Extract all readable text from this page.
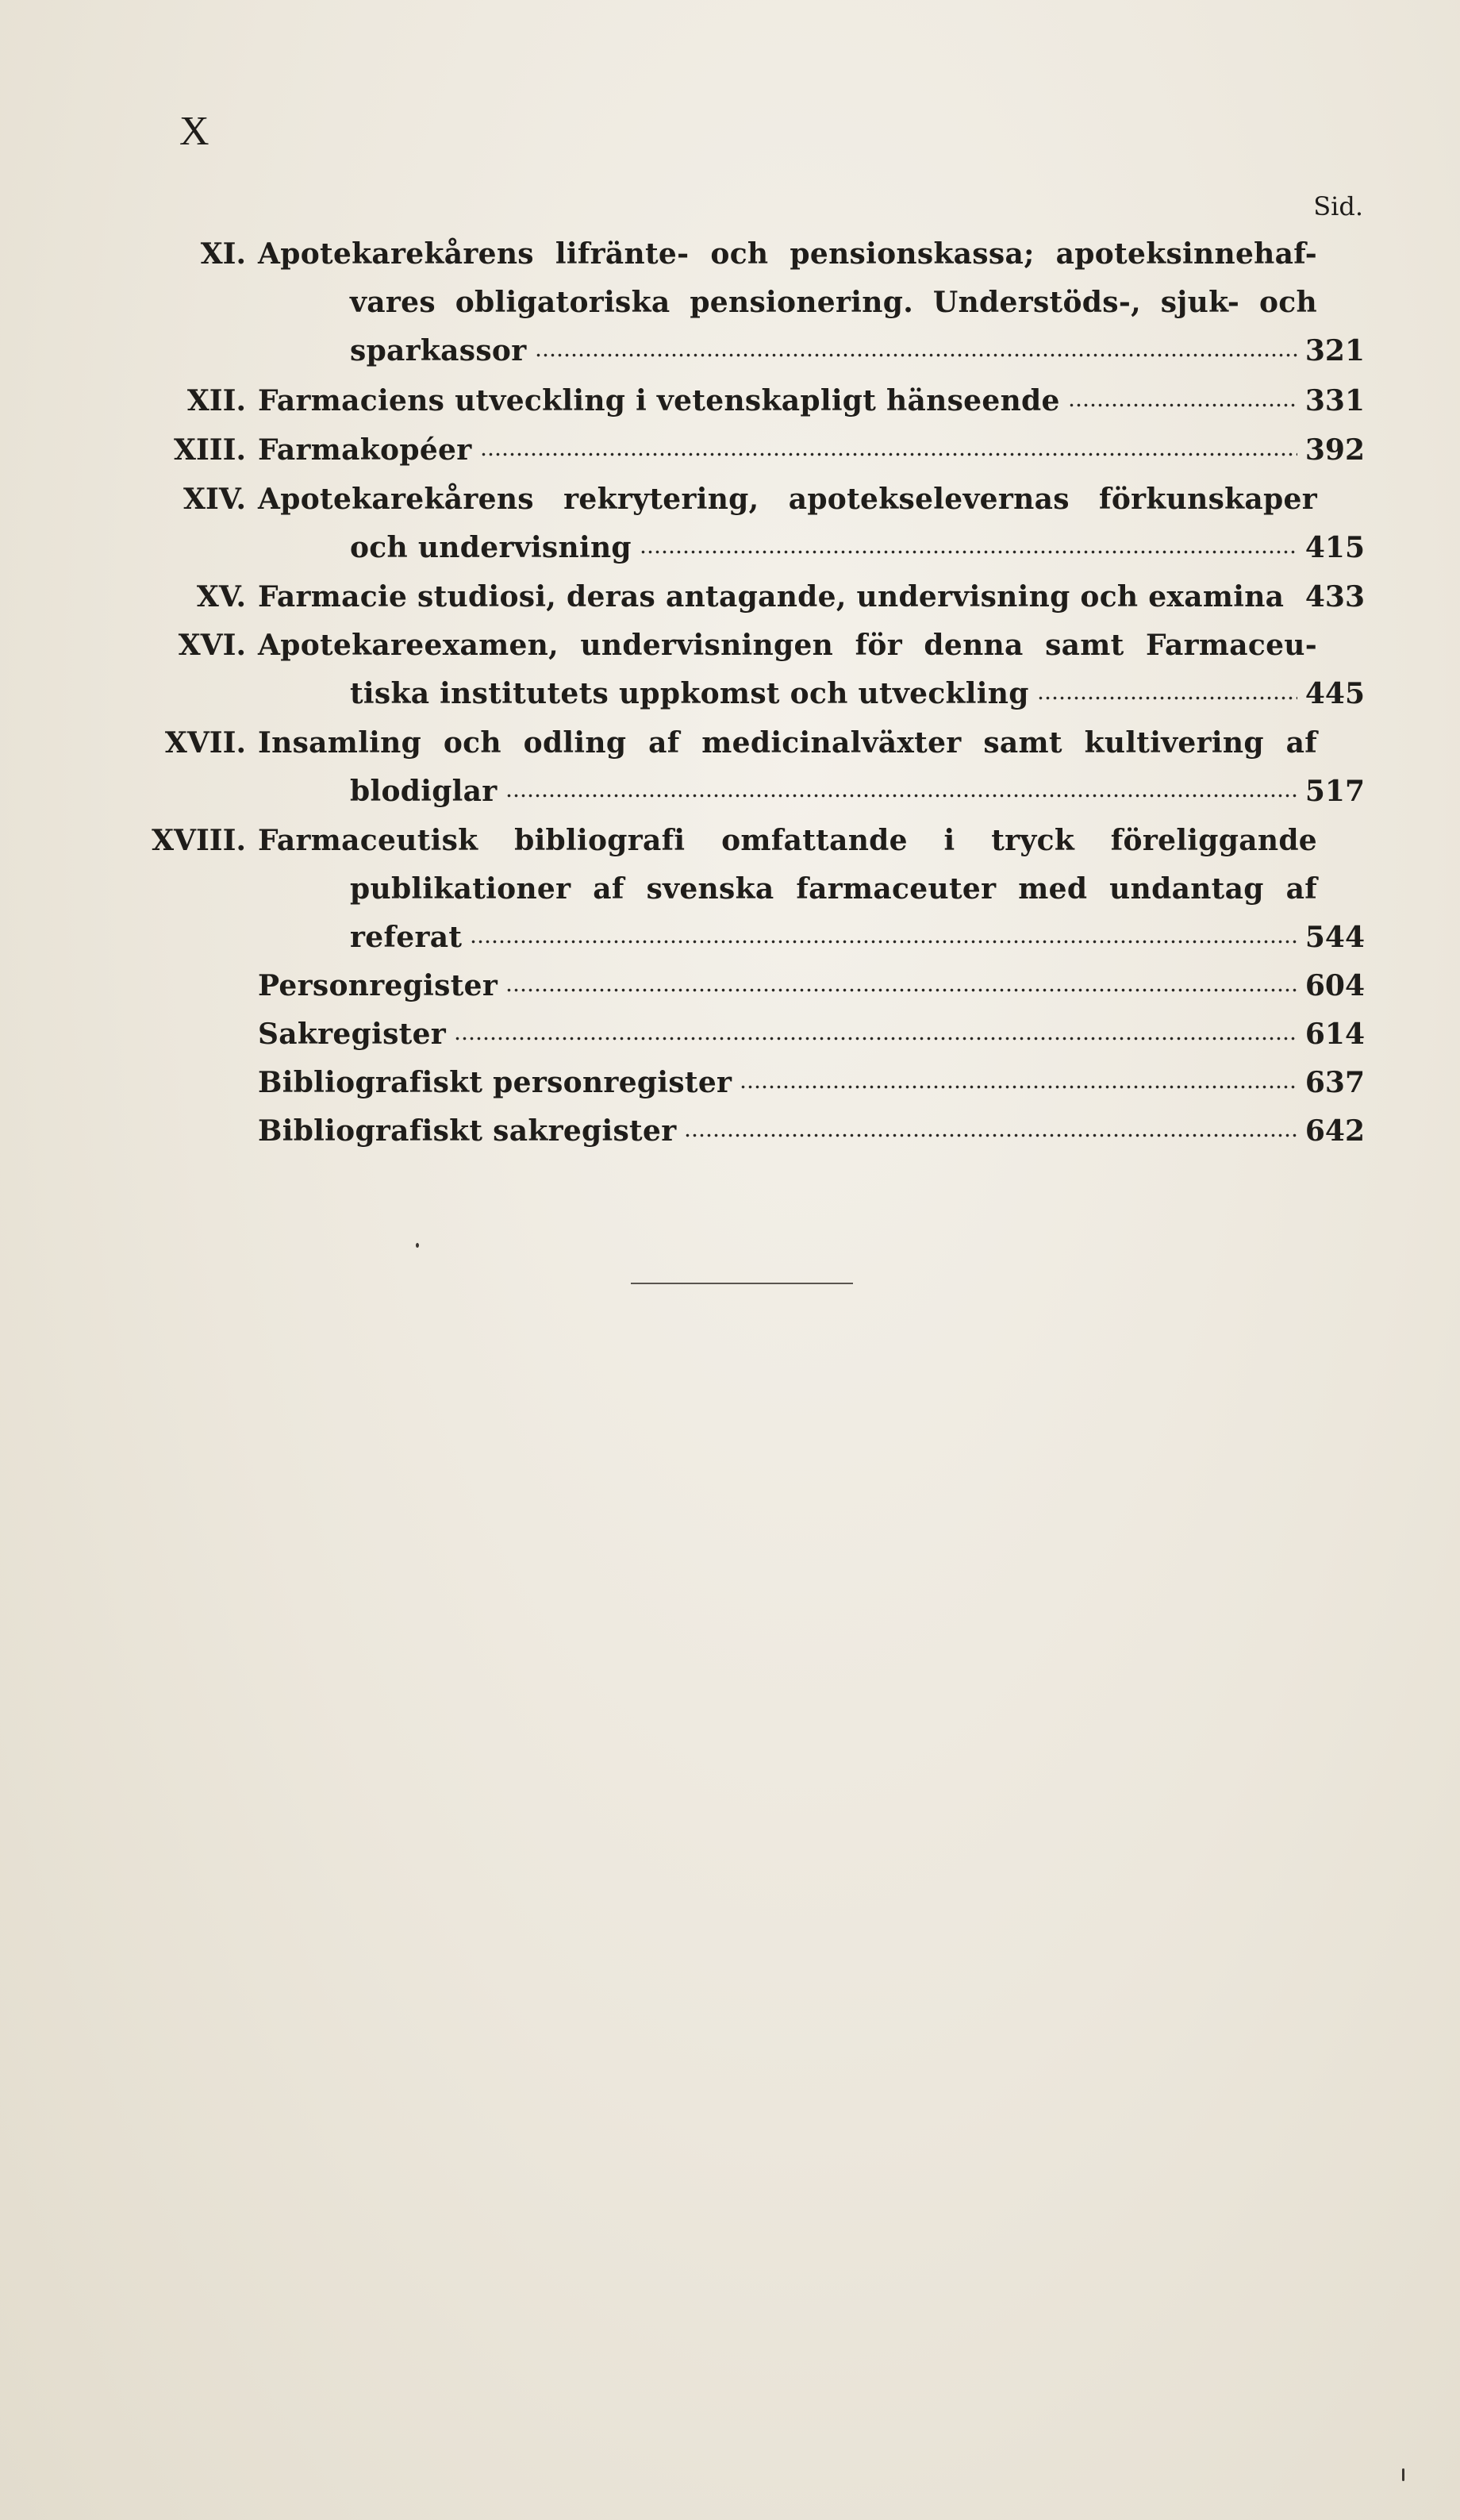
X
Sid.
XI. Apotekarekårens lifränte- och pensionskassa; apoteksinnehaf-
vares obligatoriska pensionering. Understöds-, sjuk- och
sparkassor	321
XII. Farmaciens utveckling i vetenskapligt hänseende	331
XIII. Farmakopéer	392
XIV. Apotekarekårens rekrytering, apotekselevernas förkunskaper
och undervisning	415
XV. Farmacie studiosi, deras antagande, undervisning och examina 433
XVI. Apotekareexamen, undervisningen för denna samt Farmaceu-
tiska institutets uppkomst och utveckling	445
XVII. Insamling och odling af medicinalväxter samt kultivering af
blodiglar	517
XVIII. Farmaceutisk bibliografi omfattande i tryck föreliggande
publikationer af svenska farmaceuter med undantag af
referat	544
Personregister	604
Sakregister	614
Bibliografiskt personregister	637
Bibliografiskt sakregister	642
